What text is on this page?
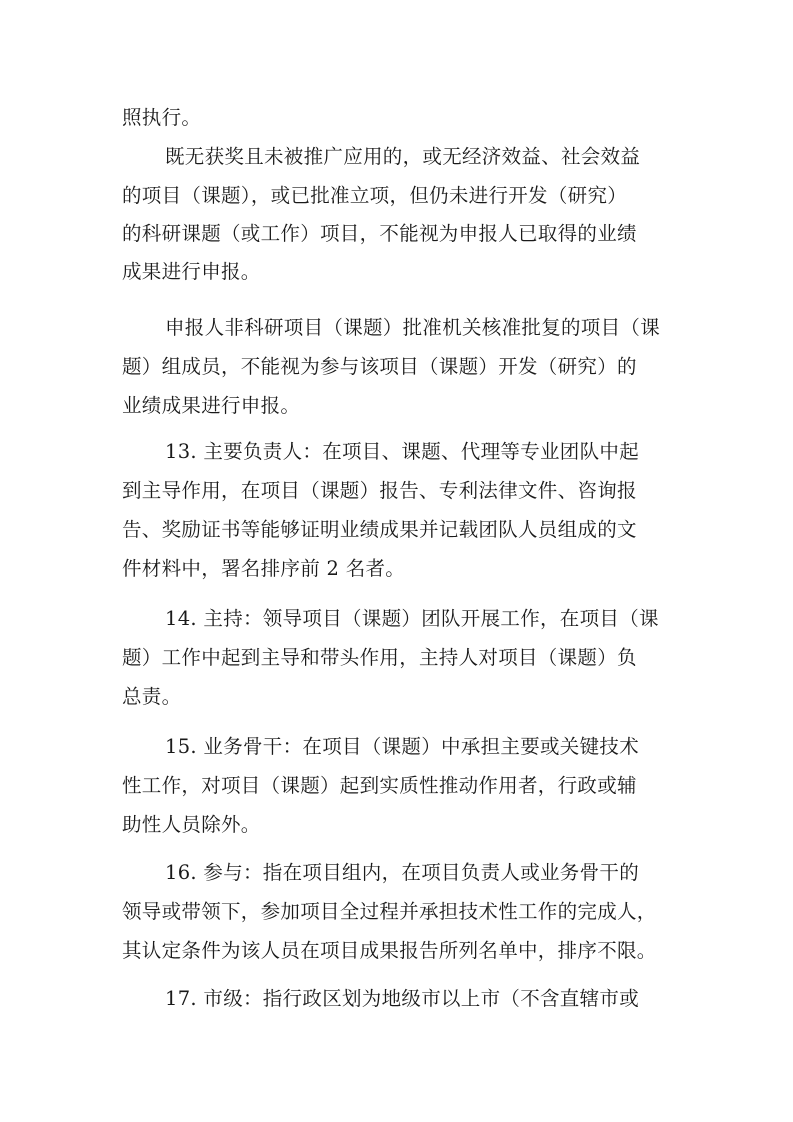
照执行。
既无获奖且未被推广应用的，或无经济效益、社会效益
的项目（课题），或已批准立项，但仍未进行开发（研究）
的科研课题（或工作）项目，不能视为申报人已取得的业绩
成果进行申报。
申报人非科研项目（课题）批准机关核准批复的项目（课
题）组成员，不能视为参与该项目（课题）开发（研究）的
业绩成果进行申报。
13. 主要负责人：在项目、课题、代理等专业团队中起
到主导作用，在项目（课题）报告、专利法律文件、咨询报
告、奖励证书等能够证明业绩成果并记载团队人员组成的文
件材料中，署名排序前 2 名者。
14. 主持：领导项目（课题）团队开展工作，在项目（课
题）工作中起到主导和带头作用，主持人对项目（课题）负
总责。
15. 业务骨干：在项目（课题）中承担主要或关键技术
性工作，对项目（课题）起到实质性推动作用者，行政或辅
助性人员除外。
16. 参与：指在项目组内，在项目负责人或业务骨干的
领导或带领下，参加项目全过程并承担技术性工作的完成人，
其认定条件为该人员在项目成果报告所列名单中，排序不限。
17. 市级：指行政区划为地级市以上市（不含直辖市或
